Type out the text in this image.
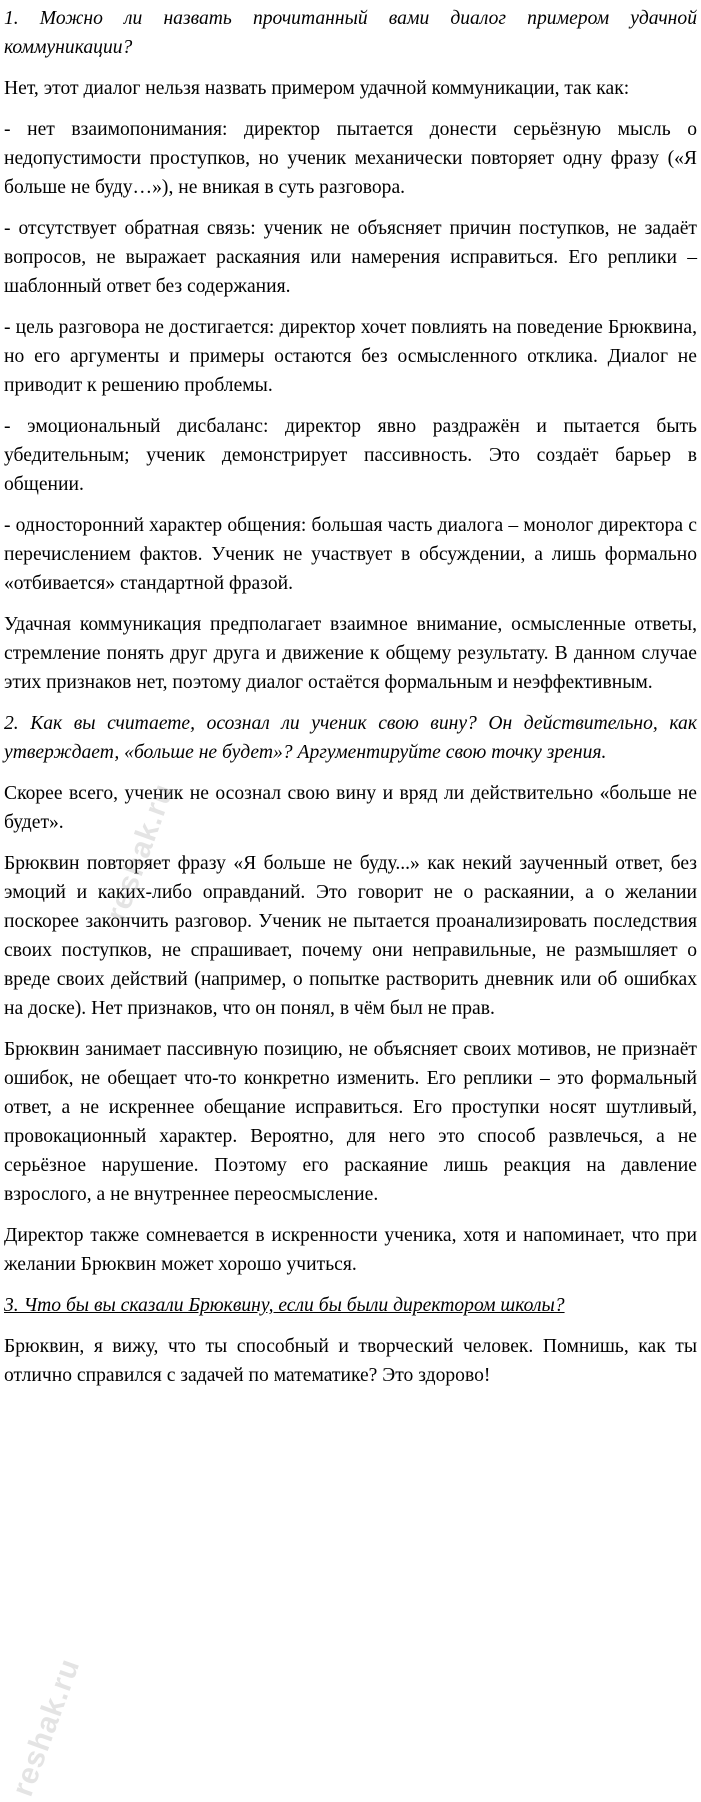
1. Можно ли назвать прочитанный вами диалог примером удачной коммуникации?

Нет, этот диалог нельзя назвать примером удачной коммуникации, так как:

- нет взаимопонимания: директор пытается донести серьёзную мысль о недопустимости проступков, но ученик механически повторяет одну фразу («Я больше не буду…»), не вникая в суть разговора.

- отсутствует обратная связь: ученик не объясняет причин поступков, не задаёт вопросов, не выражает раскаяния или намерения исправиться. Его реплики – шаблонный ответ без содержания.

- цель разговора не достигается: директор хочет повлиять на поведение Брюквина, но его аргументы и примеры остаются без осмысленного отклика. Диалог не приводит к решению проблемы.

- эмоциональный дисбаланс: директор явно раздражён и пытается быть убедительным; ученик демонстрирует пассивность. Это создаёт барьер в общении.

- односторонний характер общения: большая часть диалога – монолог директора с перечислением фактов. Ученик не участвует в обсуждении, а лишь формально «отбивается» стандартной фразой.

Удачная коммуникация предполагает взаимное внимание, осмысленные ответы, стремление понять друг друга и движение к общему результату. В данном случае этих признаков нет, поэтому диалог остаётся формальным и неэффективным.

2. Как вы считаете, осознал ли ученик свою вину? Он действительно, как утверждает, «больше не будет»? Аргументируйте свою точку зрения.

Скорее всего, ученик не осознал свою вину и вряд ли действительно «больше не будет».

Брюквин повторяет фразу «Я больше не буду...» как некий заученный ответ, без эмоций и каких-либо оправданий. Это говорит не о раскаянии, а о желании поскорее закончить разговор. Ученик не пытается проанализировать последствия своих поступков, не спрашивает, почему они неправильные, не размышляет о вреде своих действий (например, о попытке растворить дневник или об ошибках на доске). Нет признаков, что он понял, в чём был не прав.

Брюквин занимает пассивную позицию, не объясняет своих мотивов, не признаёт ошибок, не обещает что-то конкретно изменить. Его реплики – это формальный ответ, а не искреннее обещание исправиться. Его проступки носят шутливый, провокационный характер. Вероятно, для него это способ развлечься, а не серьёзное нарушение. Поэтому его раскаяние лишь реакция на давление взрослого, а не внутреннее переосмысление.

Директор также сомневается в искренности ученика, хотя и напоминает, что при желании Брюквин может хорошо учиться.

3. Что бы вы сказали Брюквину, если бы были директором школы?

Брюквин, я вижу, что ты способный и творческий человек. Помнишь, как ты отлично справился с задачей по математике? Это здорово!

reshak.ru
reshak.ru
